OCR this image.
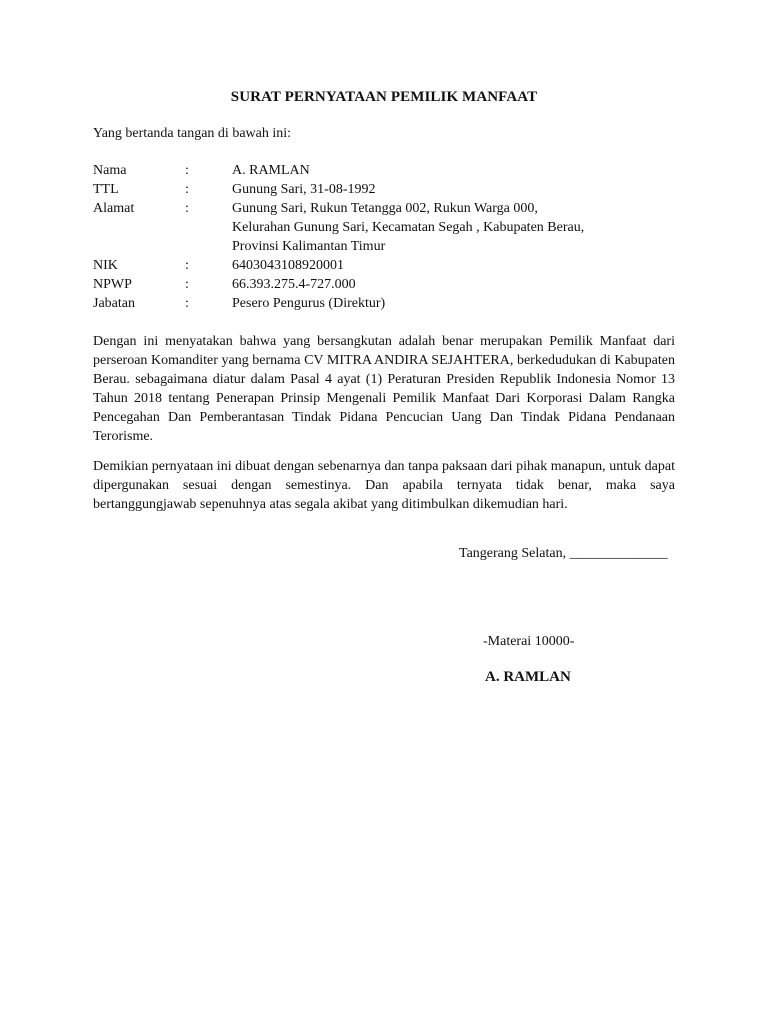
SURAT PERNYATAAN PEMILIK MANFAAT
Yang bertanda tangan di bawah ini:
Nama	:	A. RAMLAN
TTL	:	Gunung Sari, 31-08-1992
Alamat	:	Gunung Sari, Rukun Tetangga 002, Rukun Warga 000,
Kelurahan Gunung Sari, Kecamatan Segah , Kabupaten Berau,
Provinsi Kalimantan Timur
NIK	:	6403043108920001
NPWP	:	66.393.275.4-727.000
Jabatan	:	Pesero Pengurus (Direktur)

Dengan ini menyatakan bahwa yang bersangkutan adalah benar merupakan Pemilik Manfaat dari perseroan Komanditer yang bernama CV MITRA ANDIRA SEJAHTERA, berkedudukan di Kabupaten Berau. sebagaimana diatur dalam Pasal 4 ayat (1) Peraturan Presiden Republik Indonesia Nomor 13 Tahun 2018 tentang Penerapan Prinsip Mengenali Pemilik Manfaat Dari Korporasi Dalam Rangka Pencegahan Dan Pemberantasan Tindak Pidana Pencucian Uang Dan Tindak Pidana Pendanaan Terorisme.

Demikian pernyataan ini dibuat dengan sebenarnya dan tanpa paksaan dari pihak manapun, untuk dapat dipergunakan sesuai dengan semestinya. Dan apabila ternyata tidak benar, maka saya bertanggungjawab sepenuhnya atas segala akibat yang ditimbulkan dikemudian hari.

Tangerang Selatan, ______________
-Materai 10000-
A. RAMLAN
